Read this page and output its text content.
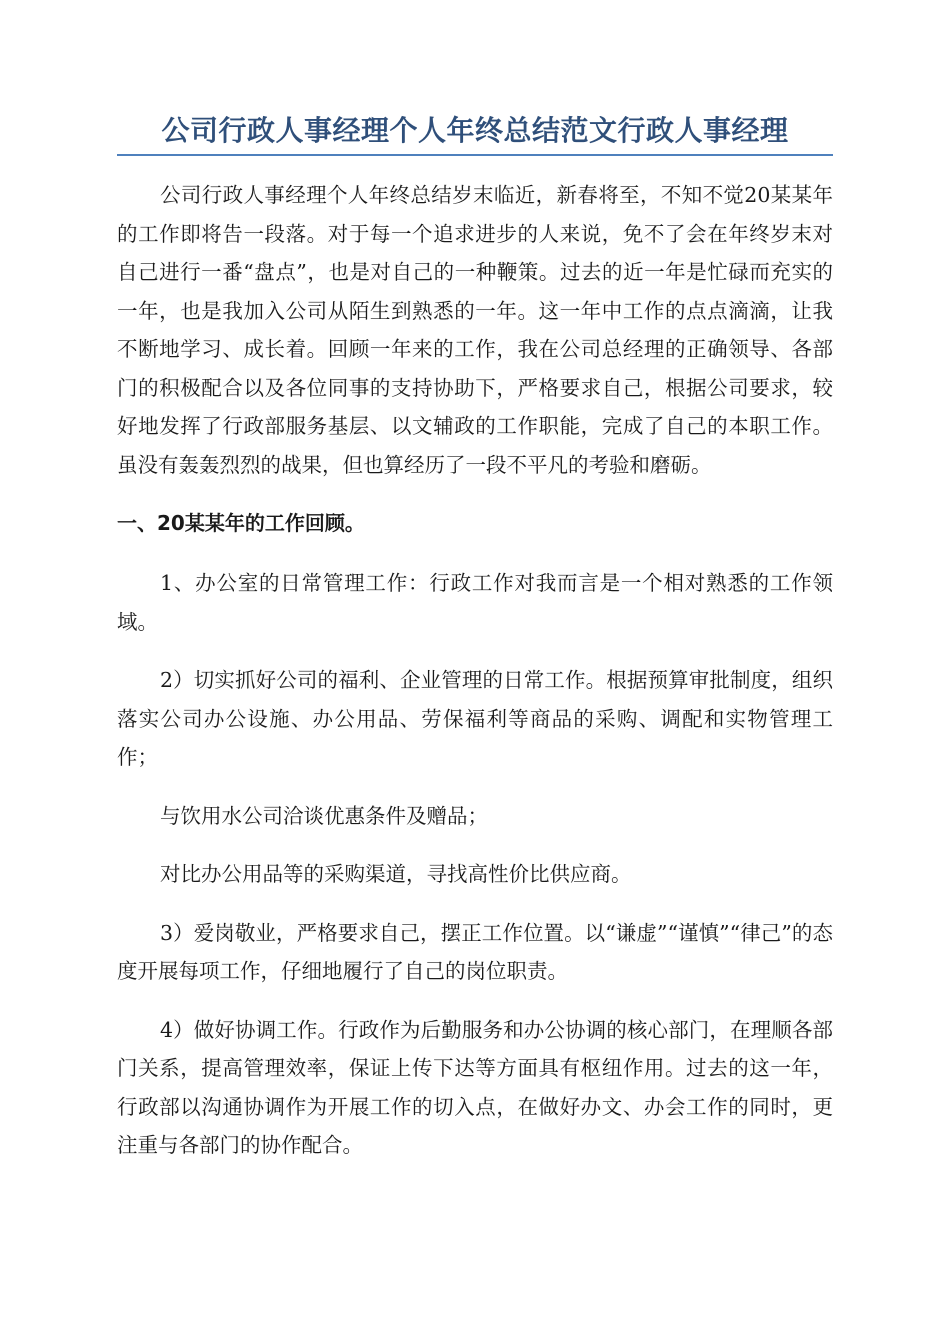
公司行政人事经理个人年终总结范文行政人事经理

公司行政人事经理个人年终总结岁末临近，新春将至，不知不觉20某某年的工作即将告一段落。对于每一个追求进步的人来说，免不了会在年终岁末对自己进行一番“盘点”，也是对自己的一种鞭策。过去的近一年是忙碌而充实的一年，也是我加入公司从陌生到熟悉的一年。这一年中工作的点点滴滴，让我不断地学习、成长着。回顾一年来的工作，我在公司总经理的正确领导、各部门的积极配合以及各位同事的支持协助下，严格要求自己，根据公司要求，较好地发挥了行政部服务基层、以文辅政的工作职能，完成了自己的本职工作。虽没有轰轰烈烈的战果，但也算经历了一段不平凡的考验和磨砺。

一、20某某年的工作回顾。

1、办公室的日常管理工作：行政工作对我而言是一个相对熟悉的工作领域。

2）切实抓好公司的福利、企业管理的日常工作。根据预算审批制度，组织落实公司办公设施、办公用品、劳保福利等商品的采购、调配和实物管理工作；

与饮用水公司洽谈优惠条件及赠品；

对比办公用品等的采购渠道，寻找高性价比供应商。

3）爱岗敬业，严格要求自己，摆正工作位置。以“谦虚”“谨慎”“律己”的态度开展每项工作，仔细地履行了自己的岗位职责。

4）做好协调工作。行政作为后勤服务和办公协调的核心部门，在理顺各部门关系，提高管理效率，保证上传下达等方面具有枢纽作用。过去的这一年，行政部以沟通协调作为开展工作的切入点，在做好办文、办会工作的同时，更注重与各部门的协作配合。
